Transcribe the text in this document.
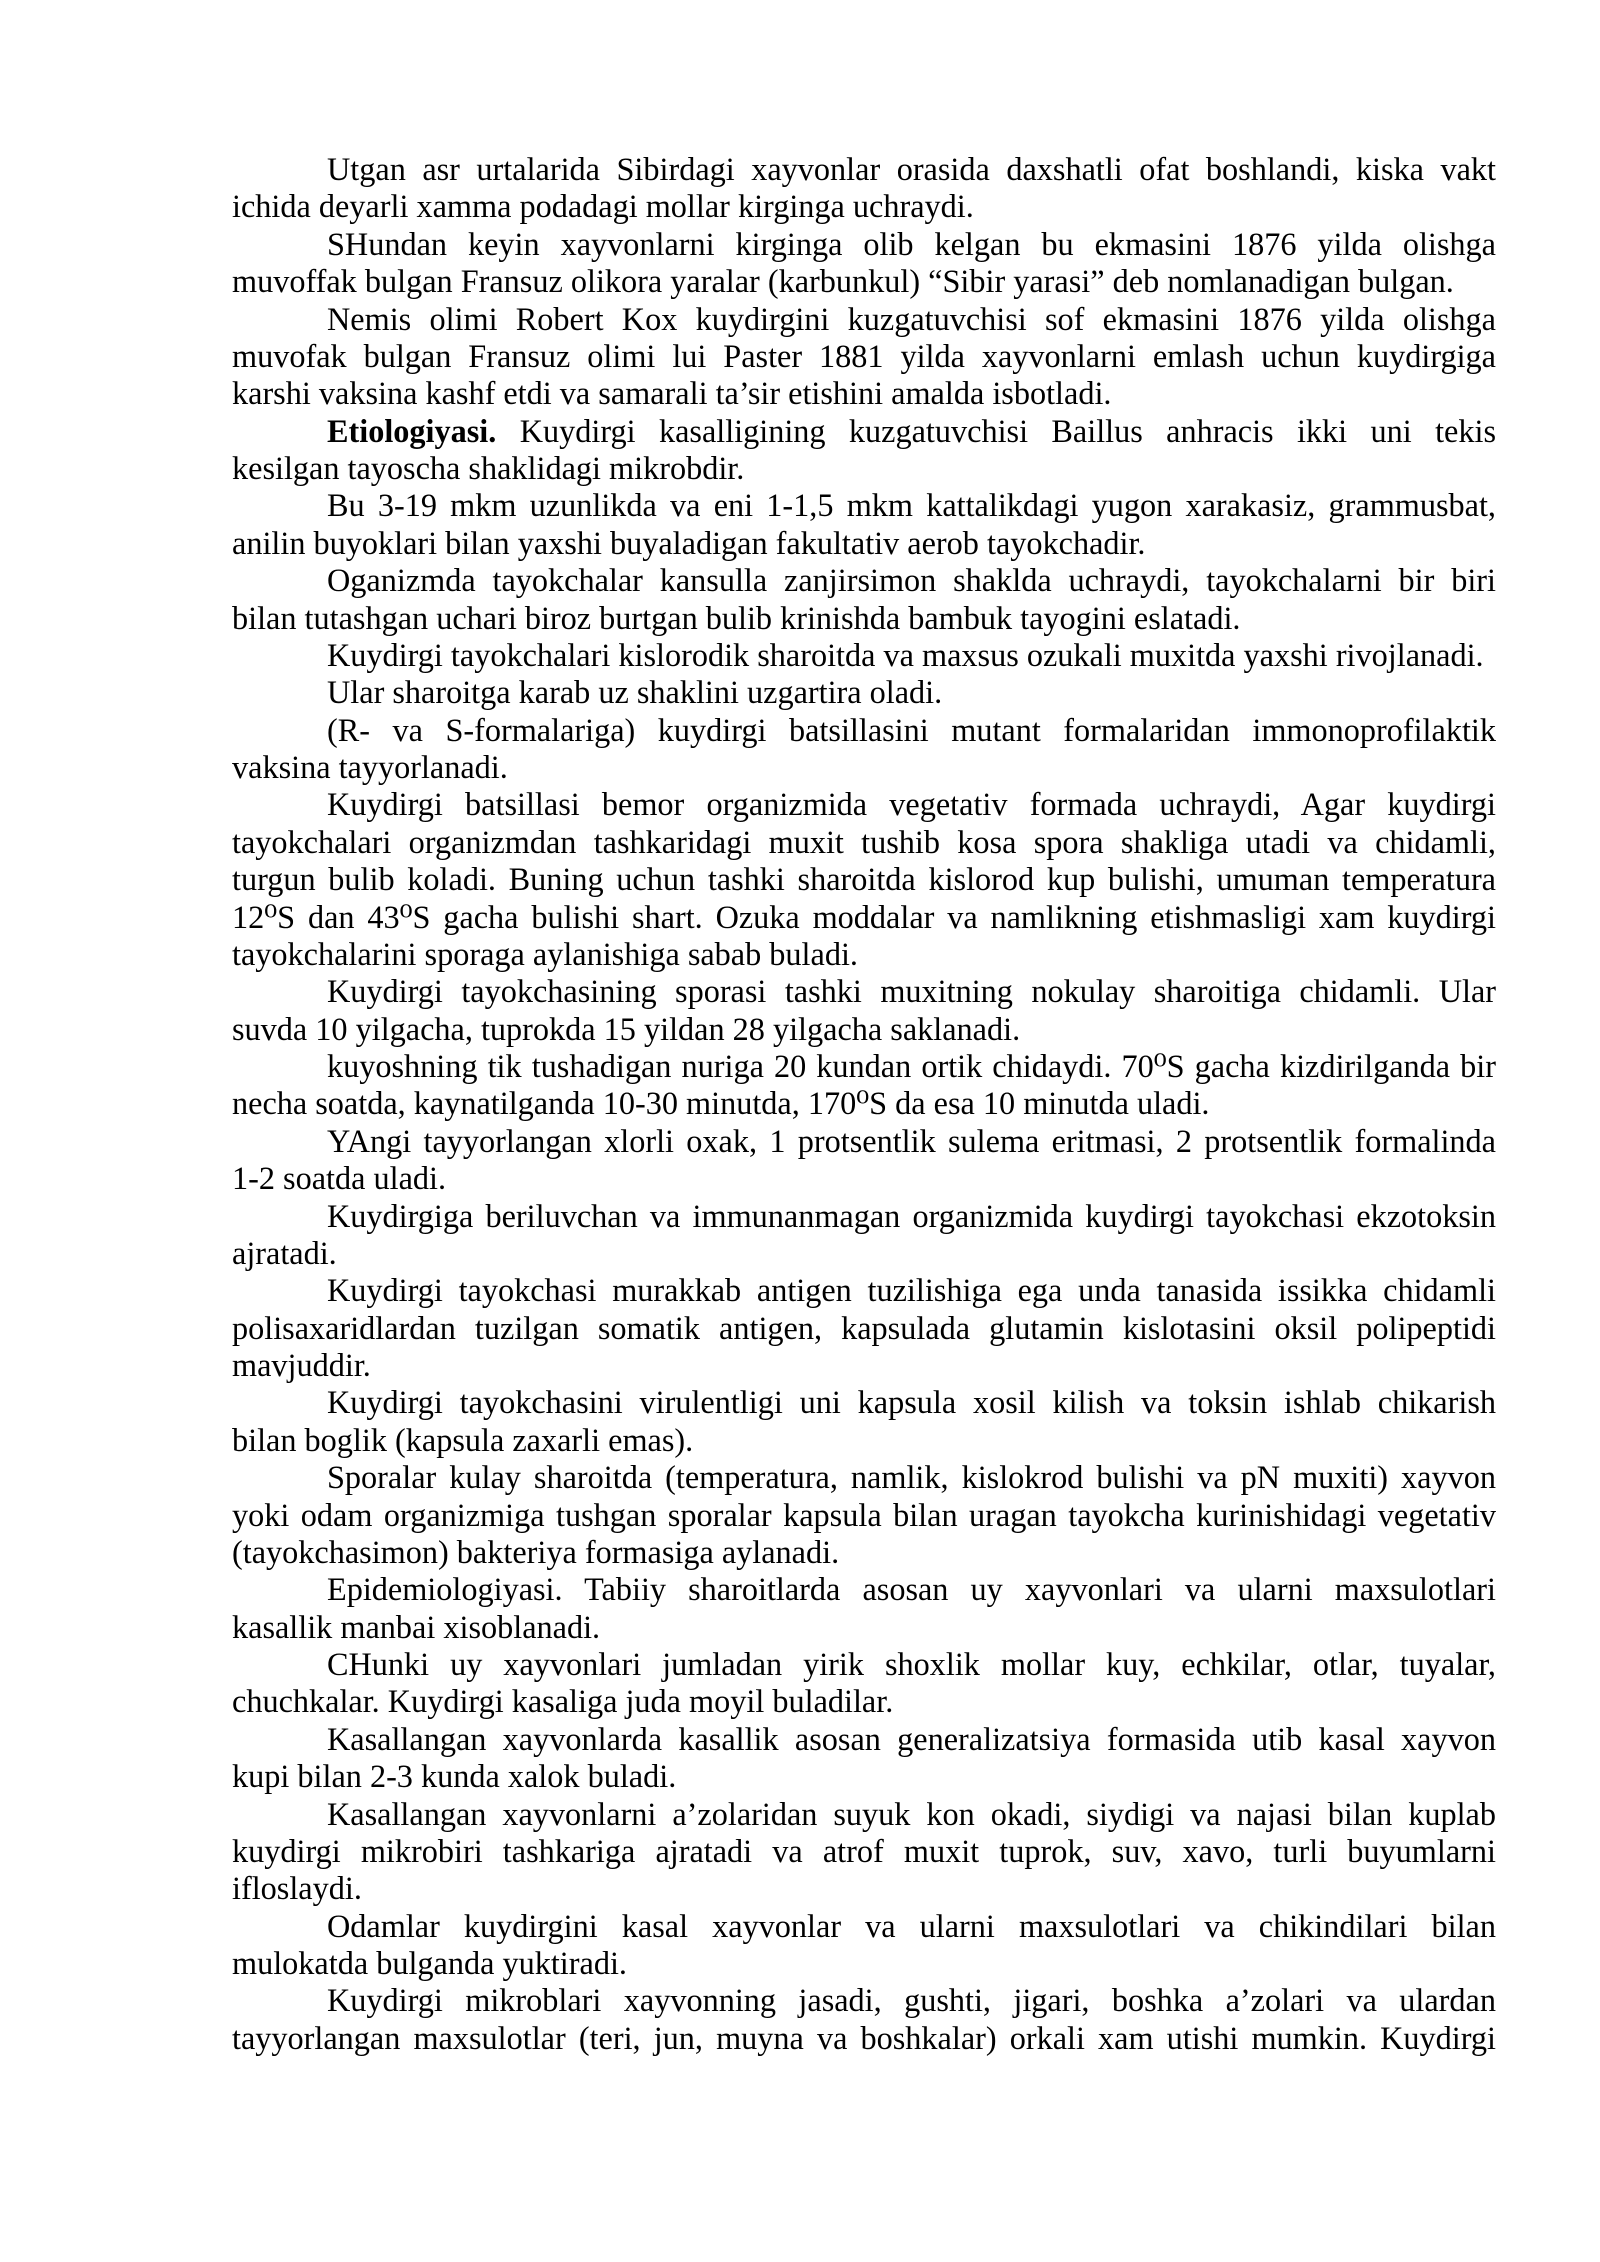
Utgan asr urtalarida Sibirdagi xayvonlar orasida daxshatli ofat boshlandi, kiska vakt
ichida deyarli xamma podadagi mollar kirginga uchraydi.
SHundan keyin xayvonlarni kirginga olib kelgan bu ekmasini 1876 yilda olishga
muvoffak bulgan Fransuz olikora yaralar (karbunkul) “Sibir yarasi” deb nomlanadigan bulgan.
Nemis olimi Robert Kox kuydirgini kuzgatuvchisi sof ekmasini 1876 yilda olishga
muvofak bulgan Fransuz olimi lui Paster 1881 yilda xayvonlarni emlash uchun kuydirgiga
karshi vaksina kashf etdi va samarali ta’sir etishini amalda isbotladi.
Etiologiyasi. Kuydirgi kasalligining kuzgatuvchisi Baillus anhracis ikki uni tekis
kesilgan tayoscha shaklidagi mikrobdir.
Bu 3-19 mkm uzunlikda va eni 1-1,5 mkm kattalikdagi yugon xarakasiz, grammusbat,
anilin buyoklari bilan yaxshi buyaladigan fakultativ aerob tayokchadir.
Oganizmda tayokchalar kansulla zanjirsimon shaklda uchraydi, tayokchalarni bir biri
bilan tutashgan uchari biroz burtgan bulib krinishda bambuk tayogini eslatadi.
Kuydirgi tayokchalari kislorodik sharoitda va maxsus ozukali muxitda yaxshi rivojlanadi.
Ular sharoitga karab uz shaklini uzgartira oladi.
(R- va S-formalariga) kuydirgi batsillasini mutant formalaridan immonoprofilaktik
vaksina tayyorlanadi.
Kuydirgi batsillasi bemor organizmida vegetativ formada uchraydi, Agar kuydirgi
tayokchalari organizmdan tashkaridagi muxit tushib kosa spora shakliga utadi va chidamli,
turgun bulib koladi. Buning uchun tashki sharoitda kislorod kup bulishi, umuman temperatura
12⁰S dan 43⁰S gacha bulishi shart. Ozuka moddalar va namlikning etishmasligi xam kuydirgi
tayokchalarini sporaga aylanishiga sabab buladi.
Kuydirgi tayokchasining sporasi tashki muxitning nokulay sharoitiga chidamli. Ular
suvda 10 yilgacha, tuprokda 15 yildan 28 yilgacha saklanadi.
kuyoshning tik tushadigan nuriga 20 kundan ortik chidaydi. 70⁰S gacha kizdirilganda bir
necha soatda, kaynatilganda 10-30 minutda, 170⁰S da esa 10 minutda uladi.
YAngi tayyorlangan xlorli oxak, 1 protsentlik sulema eritmasi, 2 protsentlik formalinda
1-2 soatda uladi.
Kuydirgiga beriluvchan va immunanmagan organizmida kuydirgi tayokchasi ekzotoksin
ajratadi.
Kuydirgi tayokchasi murakkab antigen tuzilishiga ega unda tanasida issikka chidamli
polisaxaridlardan tuzilgan somatik antigen, kapsulada glutamin kislotasini oksil polipeptidi
mavjuddir.
Kuydirgi tayokchasini virulentligi uni kapsula xosil kilish va toksin ishlab chikarish
bilan boglik (kapsula zaxarli emas).
Sporalar kulay sharoitda (temperatura, namlik, kislokrod bulishi va pN muxiti) xayvon
yoki odam organizmiga tushgan sporalar kapsula bilan uragan tayokcha kurinishidagi vegetativ
(tayokchasimon) bakteriya formasiga aylanadi.
Epidemiologiyasi. Tabiiy sharoitlarda asosan uy xayvonlari va ularni maxsulotlari
kasallik manbai xisoblanadi.
CHunki uy xayvonlari jumladan yirik shoxlik mollar kuy, echkilar, otlar, tuyalar,
chuchkalar. Kuydirgi kasaliga juda moyil buladilar.
Kasallangan xayvonlarda kasallik asosan generalizatsiya formasida utib kasal xayvon
kupi bilan 2-3 kunda xalok buladi.
Kasallangan xayvonlarni a’zolaridan suyuk kon okadi, siydigi va najasi bilan kuplab
kuydirgi mikrobiri tashkariga ajratadi va atrof muxit tuprok, suv, xavo, turli buyumlarni
ifloslaydi.
Odamlar kuydirgini kasal xayvonlar va ularni maxsulotlari va chikindilari bilan
mulokatda bulganda yuktiradi.
Kuydirgi mikroblari xayvonning jasadi, gushti, jigari, boshka a’zolari va ulardan
tayyorlangan maxsulotlar (teri, jun, muyna va boshkalar) orkali xam utishi mumkin. Kuydirgi
